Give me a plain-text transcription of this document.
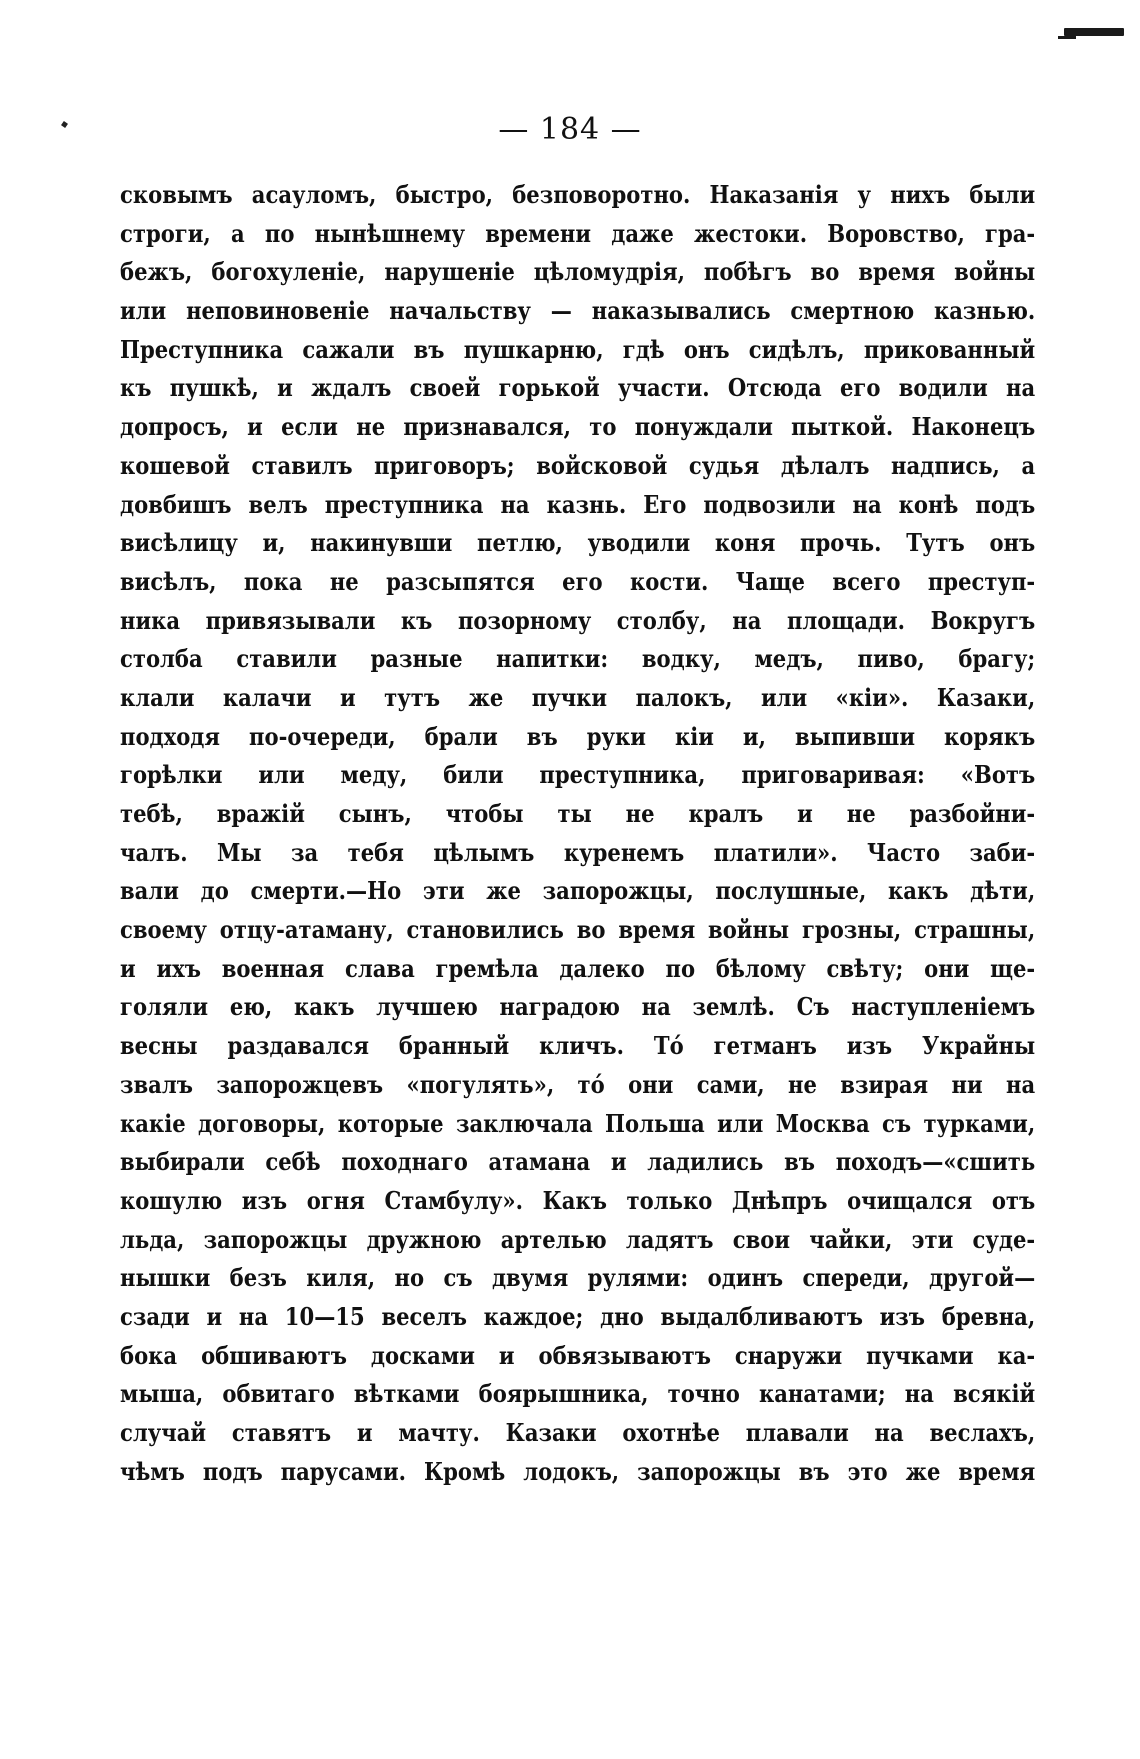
— 184 —
сковымъ асауломъ, быстро, безповоротно. Наказанія у нихъ были
строги, а по нынѣшнему времени даже жестоки. Воровство, гра-
бежъ, богохуленіе, нарушеніе цѣломудрія, побѣгъ во время войны
или неповиновеніе начальству — наказывались смертною казнью.
Преступника сажали въ пушкарню, гдѣ онъ сидѣлъ, прикованный
къ пушкѣ, и ждалъ своей горькой участи. Отсюда его водили на
допросъ, и если не признавался, то понуждали пыткой. Наконецъ
кошевой ставилъ приговоръ; войсковой судья дѣлалъ надпись, а
довбишъ велъ преступника на казнь. Его подвозили на конѣ подъ
висѣлицу и, накинувши петлю, уводили коня прочь. Тутъ онъ
висѣлъ, пока не разсыпятся его кости. Чаще всего преступ-
ника привязывали къ позорному столбу, на площади. Вокругъ
столба ставили разные напитки: водку, медъ, пиво, брагу;
клали калачи и тутъ же пучки палокъ, или «кіи». Казаки,
подходя по-очереди, брали въ руки кіи и, выпивши корякъ
горѣлки или меду, били преступника, приговаривая: «Вотъ
тебѣ, вражій сынъ, чтобы ты не кралъ и не разбойни-
чалъ. Мы за тебя цѣлымъ куренемъ платили». Часто заби-
вали до смерти.—Но эти же запорожцы, послушные, какъ дѣти,
своему отцу-атаману, становились во время войны грозны, страшны,
и ихъ военная слава гремѣла далеко по бѣлому свѣту; они ще-
голяли ею, какъ лучшею наградою на землѣ. Съ наступленіемъ
весны раздавался бранный кличъ. То́ гетманъ изъ Украйны
звалъ запорожцевъ «погулять», то́ они сами, не взирая ни на
какіе договоры, которые заключала Польша или Москва съ турками,
выбирали себѣ походнаго атамана и ладились въ походъ—«сшить
кошулю изъ огня Стамбулу». Какъ только Днѣпръ очищался отъ
льда, запорожцы дружною артелью ладятъ свои чайки, эти суде-
нышки безъ киля, но съ двумя рулями: одинъ спереди, другой—
сзади и на 10—15 веселъ каждое; дно выдалбливаютъ изъ бревна,
бока обшиваютъ досками и обвязываютъ снаружи пучками ка-
мыша, обвитаго вѣтками боярышника, точно канатами; на всякій
случай ставятъ и мачту. Казаки охотнѣе плавали на веслахъ,
чѣмъ подъ парусами. Кромѣ лодокъ, запорожцы въ это же время
